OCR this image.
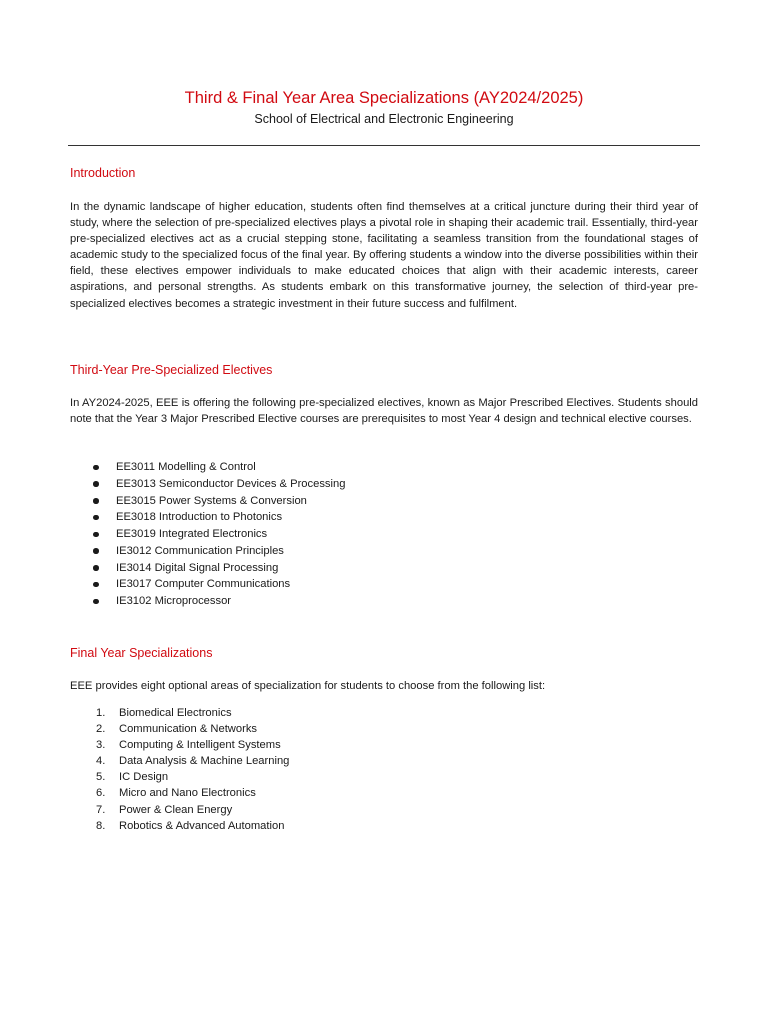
Third & Final Year Area Specializations (AY2024/2025)
School of Electrical and Electronic Engineering
Introduction

In the dynamic landscape of higher education, students often find themselves at a critical juncture during their third year of study, where the selection of pre-specialized electives plays a pivotal role in shaping their academic trail. Essentially, third-year pre-specialized electives act as a crucial stepping stone, facilitating a seamless transition from the foundational stages of academic study to the specialized focus of the final year. By offering students a window into the diverse possibilities within their field, these electives empower individuals to make educated choices that align with their academic interests, career aspirations, and personal strengths. As students embark on this transformative journey, the selection of third-year pre-specialized electives becomes a strategic investment in their future success and fulfilment.

Third-Year Pre-Specialized Electives

In AY2024-2025, EEE is offering the following pre-specialized electives, known as Major Prescribed Electives. Students should note that the Year 3 Major Prescribed Elective courses are prerequisites to most Year 4 design and technical elective courses.

EE3011 Modelling & Control
EE3013 Semiconductor Devices & Processing
EE3015 Power Systems & Conversion
EE3018 Introduction to Photonics
EE3019 Integrated Electronics
IE3012 Communication Principles
IE3014 Digital Signal Processing
IE3017 Computer Communications
IE3102 Microprocessor
Final Year Specializations

EEE provides eight optional areas of specialization for students to choose from the following list:

1. Biomedical Electronics
2. Communication & Networks
3. Computing & Intelligent Systems
4. Data Analysis & Machine Learning
5. IC Design
6. Micro and Nano Electronics
7. Power & Clean Energy
8. Robotics & Advanced Automation
